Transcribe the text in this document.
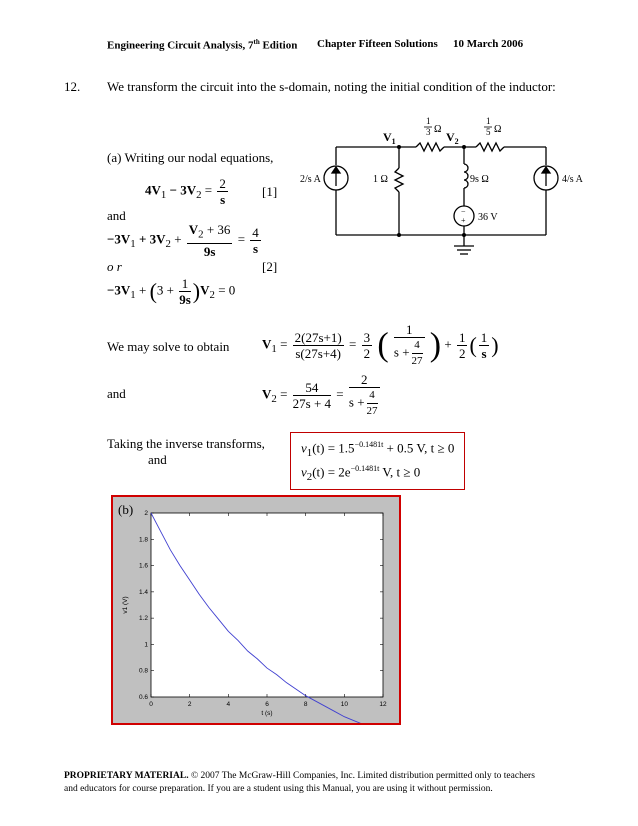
Engineering Circuit Analysis, 7th Edition Chapter Fifteen Solutions 10 March 2006
12. We transform the circuit into the s-domain, noting the initial condition of the inductor:
$V_1$	$V_2$
1
3 Ω
1
5 Ω
2/s A	1 Ω	9s Ω	4/s A
36 V
−
+
(a) Writing our nodal equations,
$4V_1 - 3V_2 = \frac{2}{s}$	[1]
and
$-3V_1 + 3V_2 + \frac{V_2 + 36}{9s} = \frac{4}{s}$
o r	[2]
$-3V_1 + (3 + \frac{1}{9s} )V_2 = 0$
We may solve to obtain	$V_1 = \frac{2(27s+1)}{s(27s+4)} = \frac{3}{2}$ ( $\frac{1}{s + \frac{4}{27}}$ ) + $\frac{1}{2}$ ( $\frac{1}{s}$ )
and	$V_2 = \frac{54}{27s + 4} = \frac{2}{s + \frac{4}{27}}$
Taking the inverse transforms,
and
$v_1(t) = 1.5^{-0.1481t} + 0.5$ V, t ≥ 0
$v_2(t) = 2e^{-0.1481t}$ V, t ≥ 0
(b)
0	2	4	6	8	10	12
0.6
0.8
1
1.2
1.4
1.6
1.8
2
t (s)
v1 (V)
PROPRIETARY MATERIAL. © 2007 The McGraw-Hill Companies, Inc. Limited distribution permitted only to teachers
and educators for course preparation. If you are a student using this Manual, you are using it without permission.
